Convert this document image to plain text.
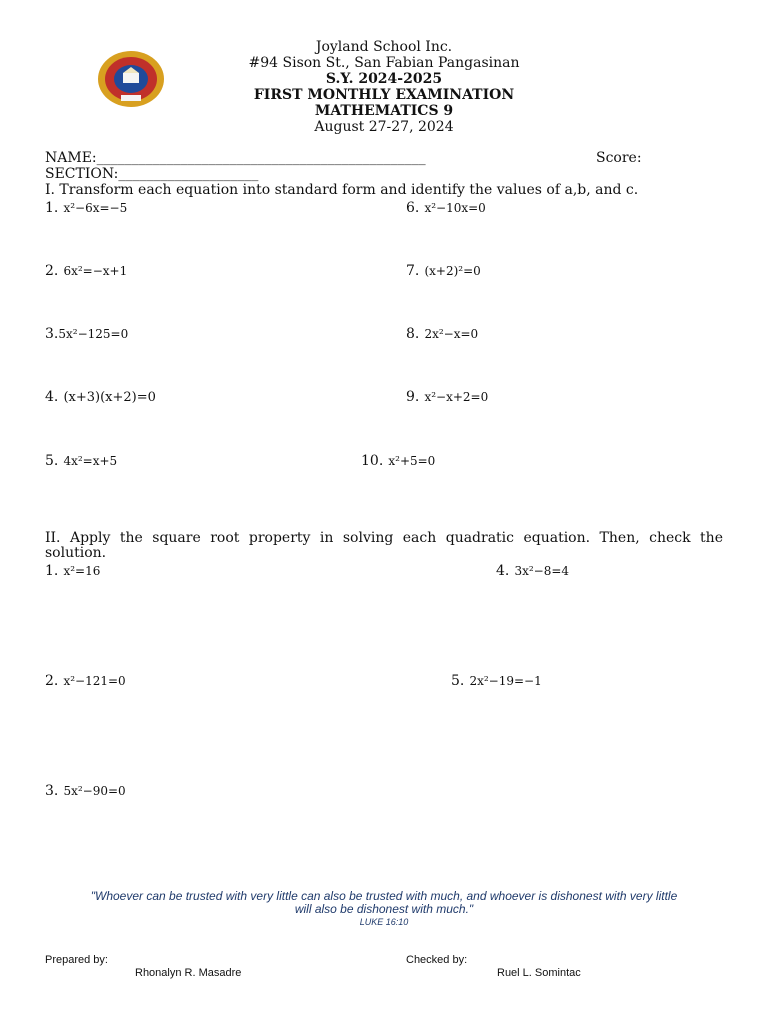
Joyland School Inc.
#94 Sison St., San Fabian Pangasinan
S.Y. 2024-2025
FIRST MONTHLY EXAMINATION
MATHEMATICS 9
August 27-27, 2024
NAME:_______________________________________________	Score:
SECTION:____________________
I. Transform each equation into standard form and identify the values of a,b, and c.
1. x²−6x=−5
2. 6x²=−x+1
3.5x²−125=0
4. (x+3)(x+2)=0
5. 4x²=x+5
6. x²−10x=0
7. (x+2)²=0
8. 2x²−x=0
9. x²−x+2=0
10. x²+5=0
II. Apply the square root property in solving each quadratic equation. Then, check the
solution.
1. x²=16
2. x²−121=0
3. 5x²−90=0
4. 3x²−8=4
5. 2x²−19=−1
"Whoever can be trusted with very little can also be trusted with much, and whoever is dishonest with very little
will also be dishonest with much."
LUKE 16:10
Prepared by:
Rhonalyn R. Masadre
Checked by:
Ruel L. Somintac
